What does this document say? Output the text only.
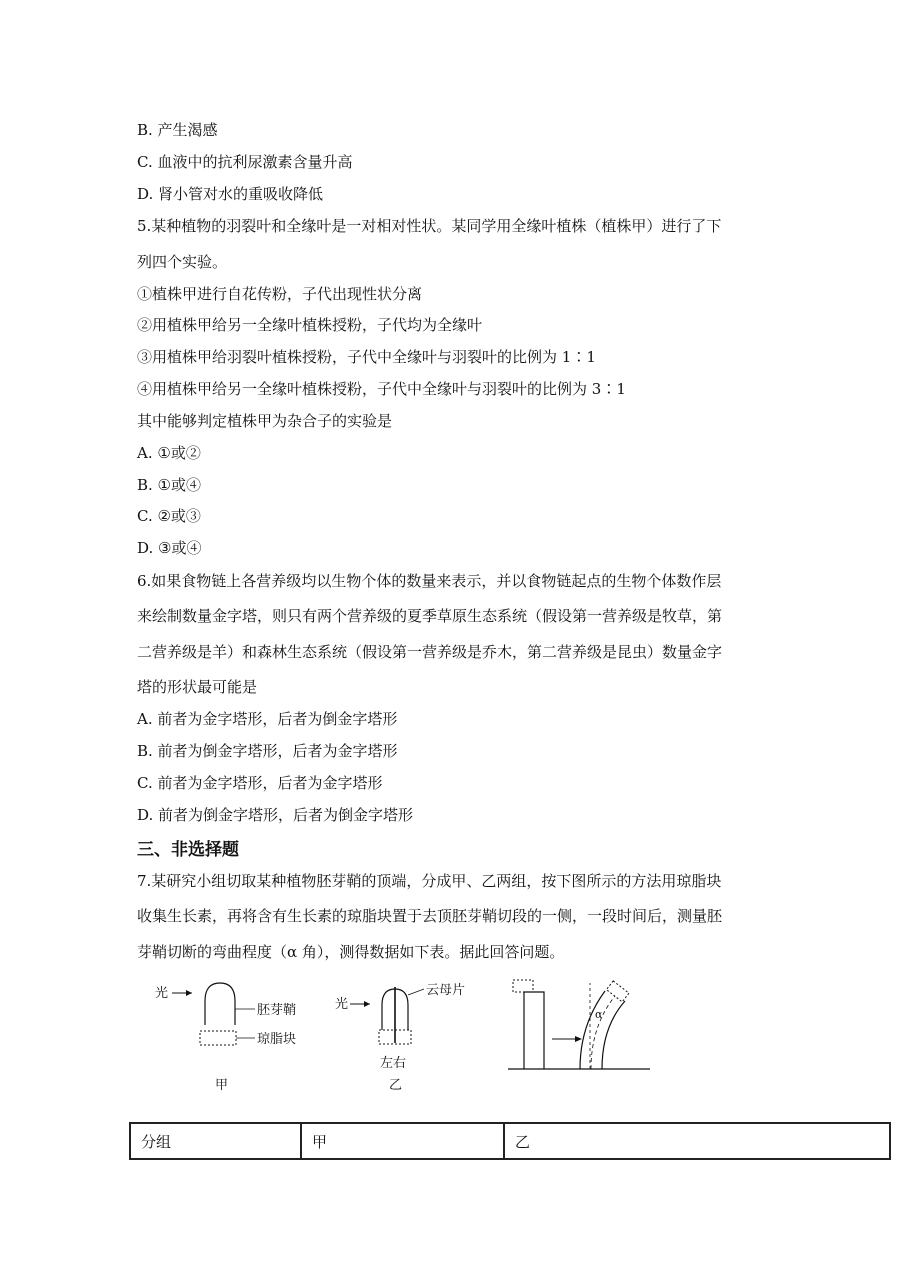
B. 产生渴感
C. 血液中的抗利尿激素含量升高
D. 肾小管对水的重吸收降低
5.某种植物的羽裂叶和全缘叶是一对相对性状。某同学用全缘叶植株（植株甲）进行了下
列四个实验。
①植株甲进行自花传粉，子代出现性状分离
②用植株甲给另一全缘叶植株授粉，子代均为全缘叶
③用植株甲给羽裂叶植株授粉，子代中全缘叶与羽裂叶的比例为 1∶1
④用植株甲给另一全缘叶植株授粉，子代中全缘叶与羽裂叶的比例为 3∶1
其中能够判定植株甲为杂合子的实验是
A. ①或②
B. ①或④
C. ②或③
D. ③或④
6.如果食物链上各营养级均以生物个体的数量来表示，并以食物链起点的生物个体数作层
来绘制数量金字塔，则只有两个营养级的夏季草原生态系统（假设第一营养级是牧草，第
二营养级是羊）和森林生态系统（假设第一营养级是乔木，第二营养级是昆虫）数量金字
塔的形状最可能是
A. 前者为金字塔形，后者为倒金字塔形
B. 前者为倒金字塔形，后者为金字塔形
C. 前者为金字塔形，后者为金字塔形
D. 前者为倒金字塔形，后者为倒金字塔形
三、非选择题
7.某研究小组切取某种植物胚芽鞘的顶端，分成甲、乙两组，按下图所示的方法用琼脂块
收集生长素，再将含有生长素的琼脂块置于去顶胚芽鞘切段的一侧，一段时间后，测量胚
芽鞘切断的弯曲程度（α 角），测得数据如下表。据此回答问题。
光
胚芽鞘
琼脂块
甲
光
云母片
左右
乙
α
分组	甲	乙
